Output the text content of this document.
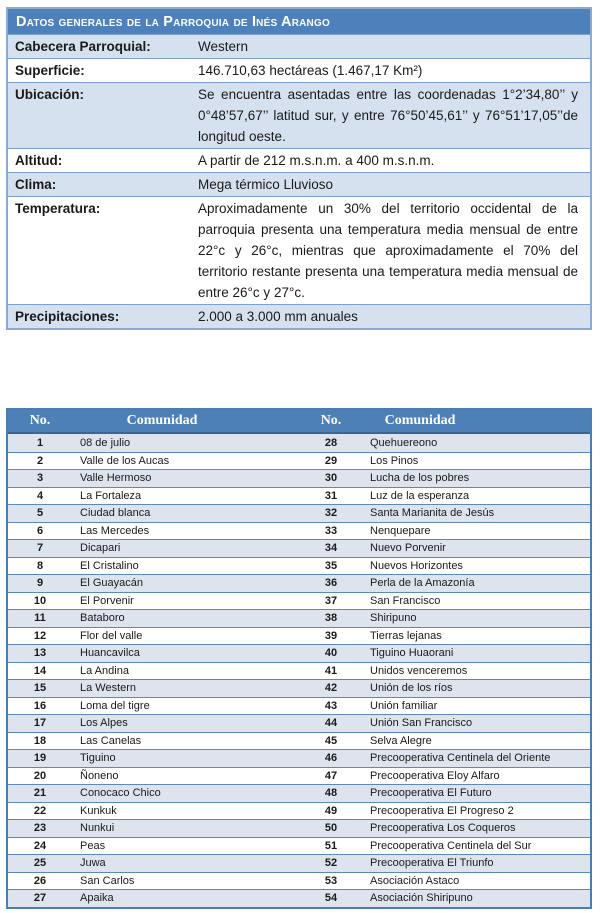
Datos generales de la Parroquia de Inés Arango
Cabecera Parroquial:	Western
Superficie:	146.710,63 hectáreas (1.467,17 Km²)
Ubicación:	Se encuentra asentadas entre las coordenadas 1°2’34,80’’ y 0°48’57,67’’ latitud sur, y entre 76°50’45,61’’ y 76°51’17,05’’de longitud oeste.
Altitud:	A partir de 212 m.s.n.m. a 400 m.s.n.m.
Clima:	Mega térmico Lluvioso
Temperatura:	Aproximadamente un 30% del territorio occidental de la parroquia presenta una temperatura media mensual de entre 22°c y 26°c, mientras que aproximadamente el 70% del territorio restante presenta una temperatura media mensual de entre 26°c y 27°c.
Precipitaciones:	2.000 a 3.000 mm anuales
No.	Comunidad	No.	Comunidad
1	08 de julio	28	Quehuereono
2	Valle de los Aucas	29	Los Pinos
3	Valle Hermoso	30	Lucha de los pobres
4	La Fortaleza	31	Luz de la esperanza
5	Ciudad blanca	32	Santa Marianita de Jesús
6	Las Mercedes	33	Nenquepare
7	Dicapari	34	Nuevo Porvenir
8	El Cristalino	35	Nuevos Horizontes
9	El Guayacán	36	Perla de la Amazonía
10	El Porvenir	37	San Francisco
11	Bataboro	38	Shiripuno
12	Flor del valle	39	Tierras lejanas
13	Huancavilca	40	Tiguino Huaorani
14	La Andina	41	Unidos venceremos
15	La Western	42	Unión de los ríos
16	Loma del tigre	43	Unión familiar
17	Los Alpes	44	Unión San Francisco
18	Las Canelas	45	Selva Alegre
19	Tiguino	46	Precooperativa Centinela del Oriente
20	Ñoneno	47	Precooperativa Eloy Alfaro
21	Conocaco Chico	48	Precooperativa El Futuro
22	Kunkuk	49	Precooperativa El Progreso 2
23	Nunkui	50	Precooperativa Los Coqueros
24	Peas	51	Precooperativa Centinela del Sur
25	Juwa	52	Precooperativa El Triunfo
26	San Carlos	53	Asociación Astaco
27	Apaika	54	Asociación Shiripuno
